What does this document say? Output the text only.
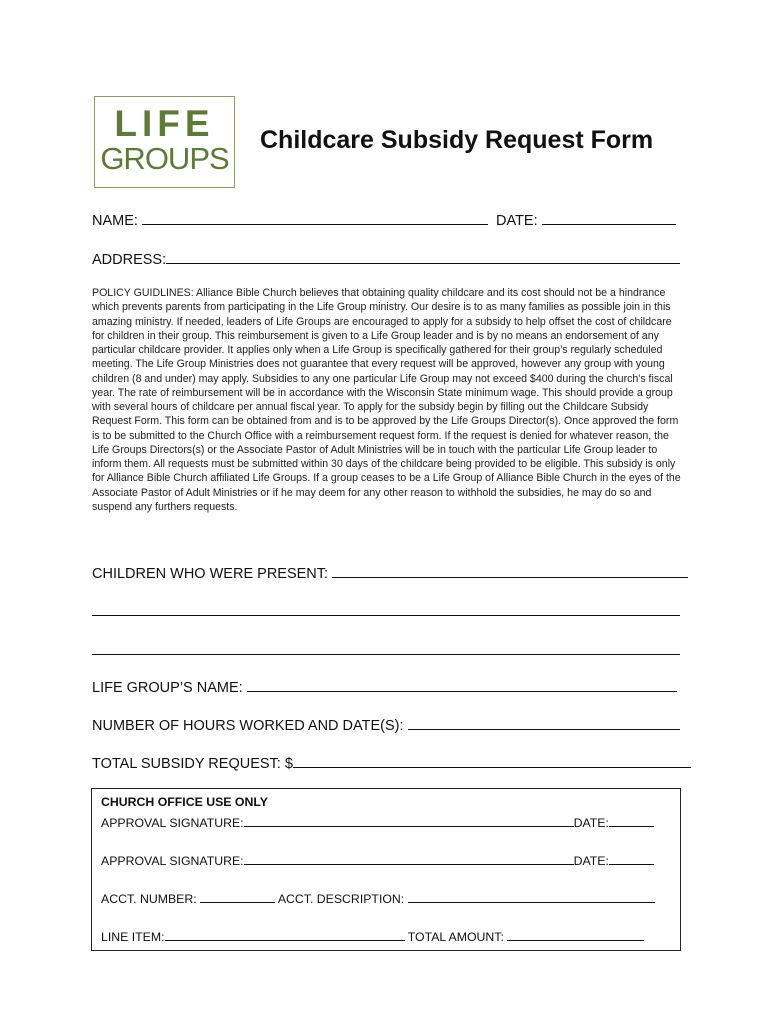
LIFE
GROUPS
Childcare Subsidy Request Form
NAME:	DATE:
ADDRESS:
POLICY GUIDLINES: Alliance Bible Church believes that obtaining quality childcare and its cost should not be a hindrance which prevents parents from participating in the Life Group ministry. Our desire is to as many families as possible join in this amazing ministry. If needed, leaders of Life Groups are encouraged to apply for a subsidy to help offset the cost of childcare for children in their group. This reimbursement is given to a Life Group leader and is by no means an endorsement of any particular childcare provider. It applies only when a Life Group is specifically gathered for their group’s regularly scheduled meeting. The Life Group Ministries does not guarantee that every request will be approved, however any group with young children (8 and under) may apply. Subsidies to any one particular Life Group may not exceed $400 during the church's fiscal year. The rate of reimbursement will be in accordance with the Wisconsin State minimum wage. This should provide a group with several hours of childcare per annual fiscal year. To apply for the subsidy begin by filling out the Childcare Subsidy Request Form. This form can be obtained from and is to be approved by the Life Groups Director(s). Once approved the form is to be submitted to the Church Office with a reimbursement request form. If the request is denied for whatever reason, the Life Groups Directors(s) or the Associate Pastor of Adult Ministries will be in touch with the particular Life Group leader to inform them. All requests must be submitted within 30 days of the childcare being provided to be eligible. This subsidy is only for Alliance Bible Church affiliated Life Groups. If a group ceases to be a Life Group of Alliance Bible Church in the eyes of the Associate Pastor of Adult Ministries or if he may deem for any other reason to withhold the subsidies, he may do so and suspend any furthers requests.
CHILDREN WHO WERE PRESENT:
LIFE GROUP’S NAME:
NUMBER OF HOURS WORKED AND DATE(S):
TOTAL SUBSIDY REQUEST: $
CHURCH OFFICE USE ONLY
APPROVAL SIGNATURE:	DATE:
APPROVAL SIGNATURE:	DATE:
ACCT. NUMBER:	ACCT. DESCRIPTION:
LINE ITEM:	TOTAL AMOUNT:
